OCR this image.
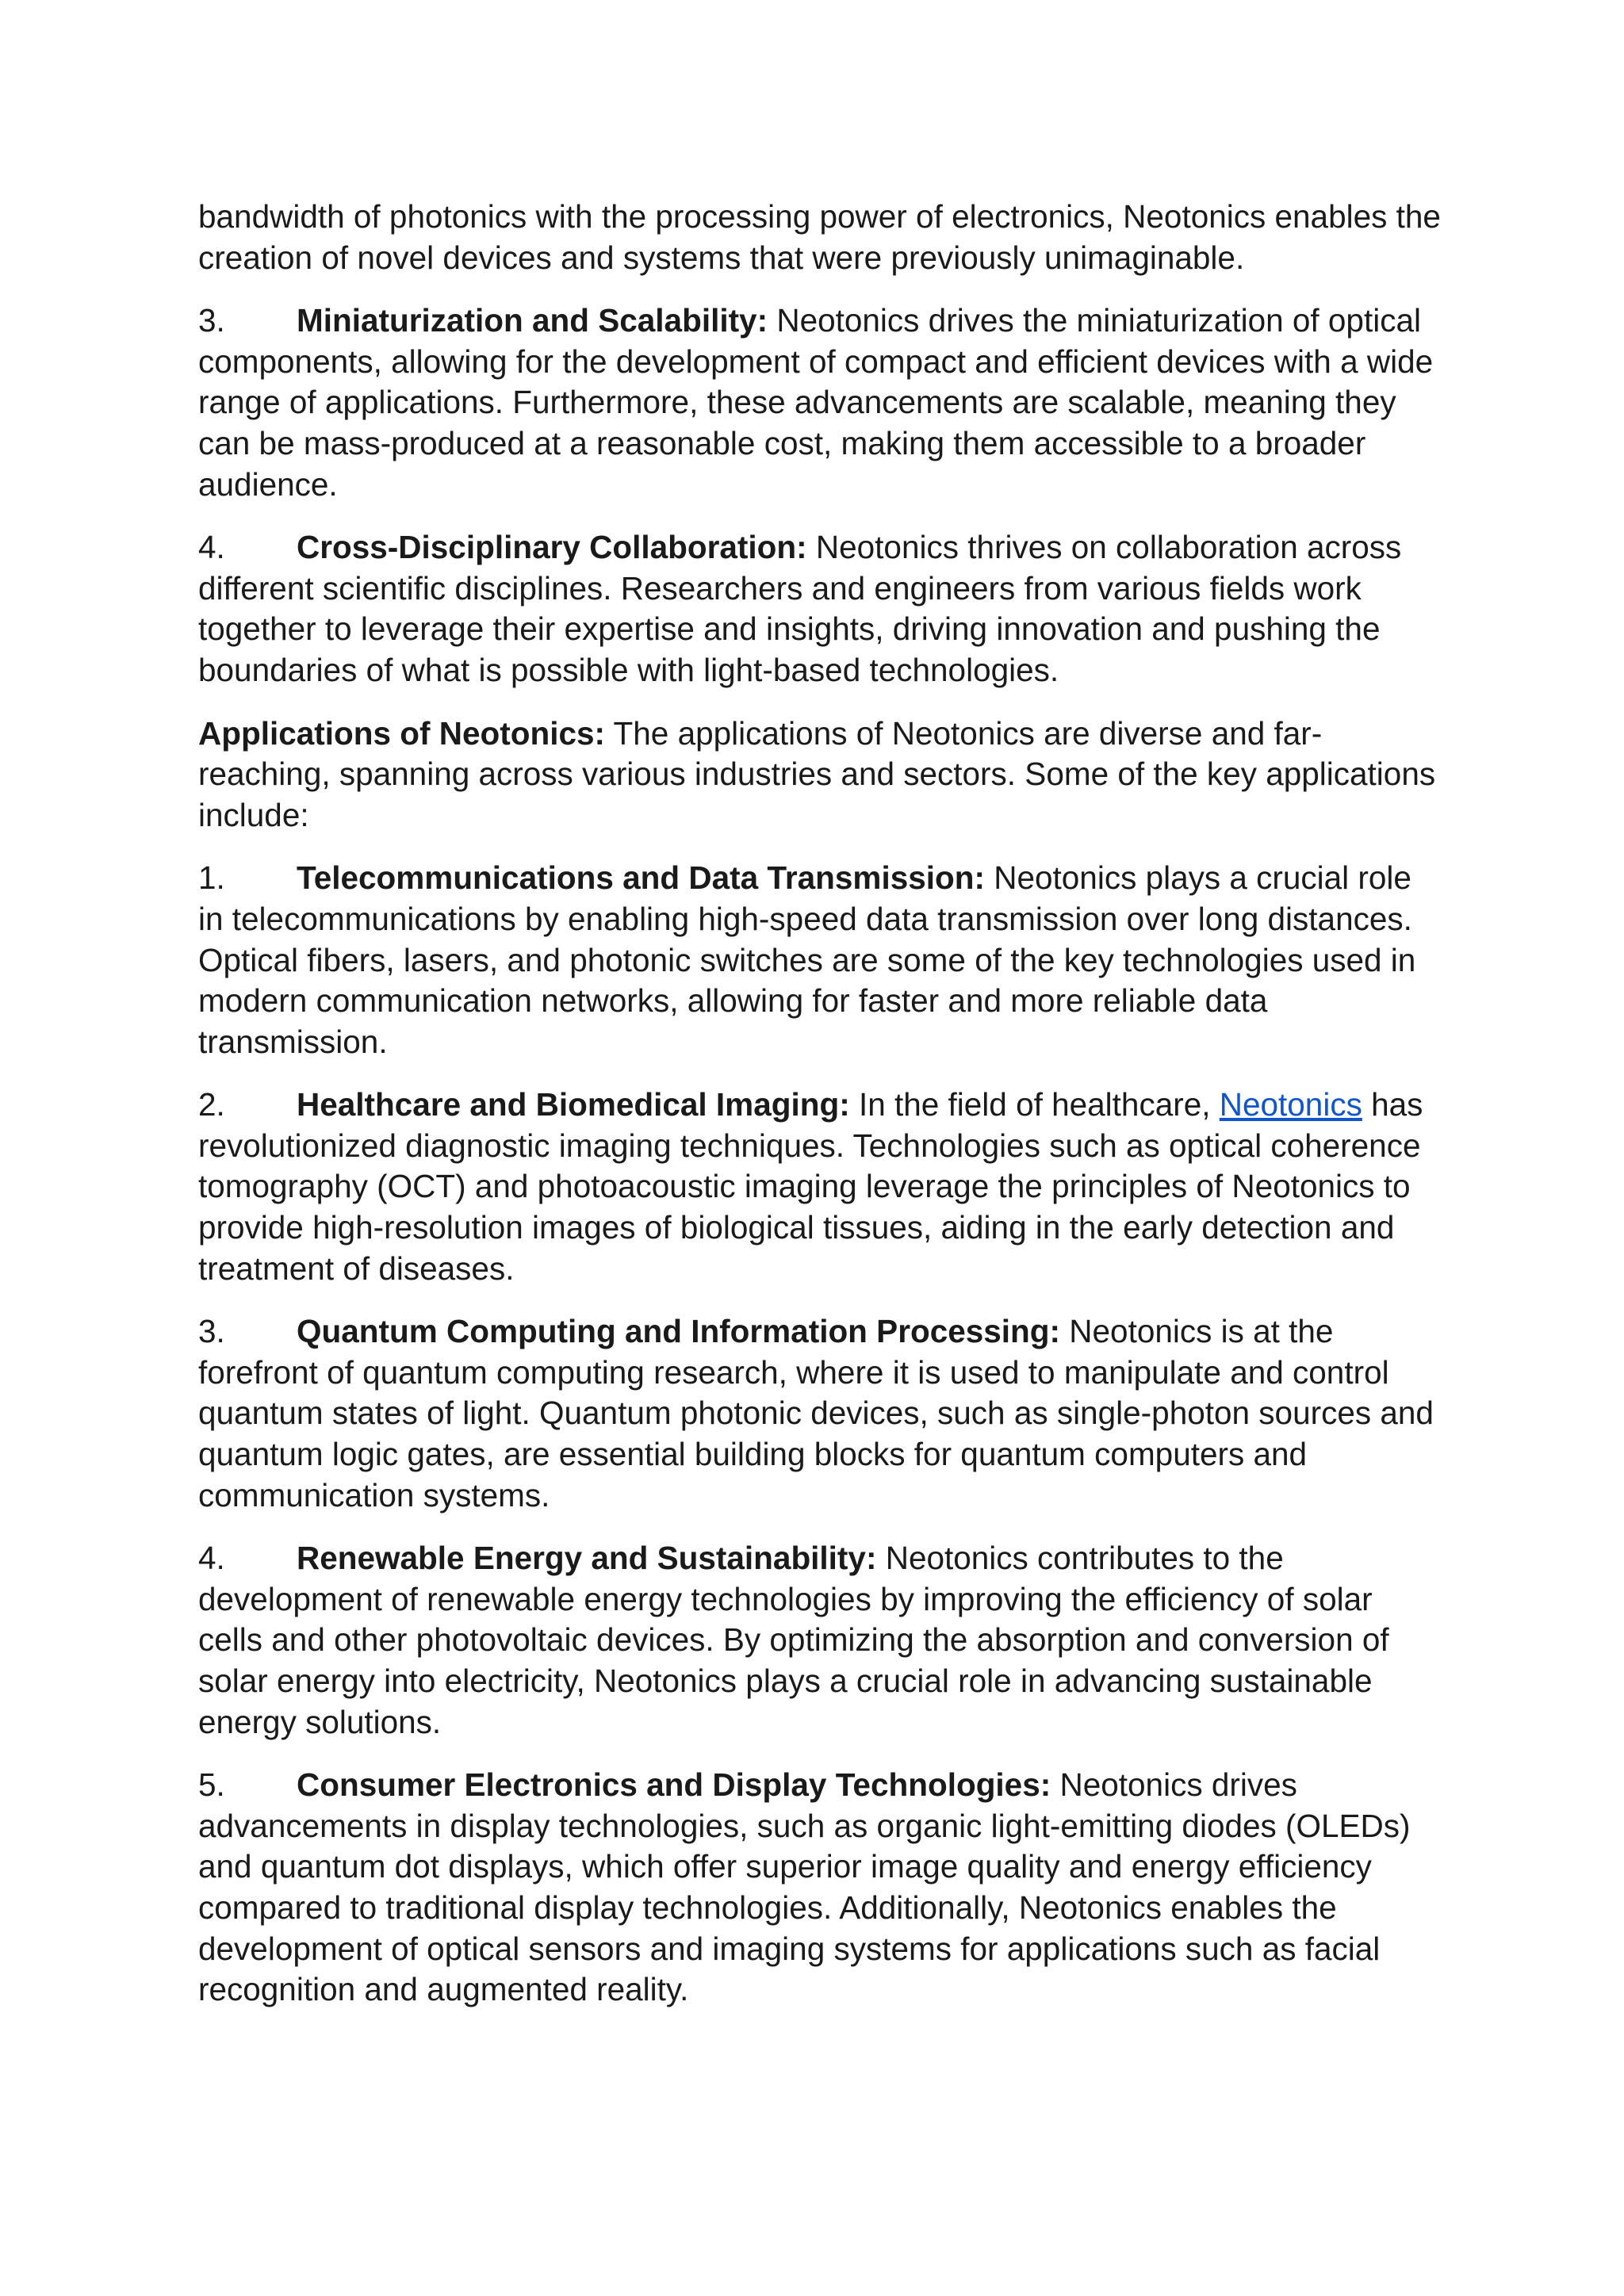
bandwidth of photonics with the processing power of electronics, Neotonics enables the creation of novel devices and systems that were previously unimaginable.

3. Miniaturization and Scalability: Neotonics drives the miniaturization of optical components, allowing for the development of compact and efficient devices with a wide range of applications. Furthermore, these advancements are scalable, meaning they can be mass-produced at a reasonable cost, making them accessible to a broader audience.

4. Cross-Disciplinary Collaboration: Neotonics thrives on collaboration across different scientific disciplines. Researchers and engineers from various fields work together to leverage their expertise and insights, driving innovation and pushing the boundaries of what is possible with light-based technologies.

Applications of Neotonics: The applications of Neotonics are diverse and far-reaching, spanning across various industries and sectors. Some of the key applications include:

1. Telecommunications and Data Transmission: Neotonics plays a crucial role in telecommunications by enabling high-speed data transmission over long distances. Optical fibers, lasers, and photonic switches are some of the key technologies used in modern communication networks, allowing for faster and more reliable data transmission.

2. Healthcare and Biomedical Imaging: In the field of healthcare, Neotonics has revolutionized diagnostic imaging techniques. Technologies such as optical coherence tomography (OCT) and photoacoustic imaging leverage the principles of Neotonics to provide high-resolution images of biological tissues, aiding in the early detection and treatment of diseases.

3. Quantum Computing and Information Processing: Neotonics is at the forefront of quantum computing research, where it is used to manipulate and control quantum states of light. Quantum photonic devices, such as single-photon sources and quantum logic gates, are essential building blocks for quantum computers and communication systems.

4. Renewable Energy and Sustainability: Neotonics contributes to the development of renewable energy technologies by improving the efficiency of solar cells and other photovoltaic devices. By optimizing the absorption and conversion of solar energy into electricity, Neotonics plays a crucial role in advancing sustainable energy solutions.

5. Consumer Electronics and Display Technologies: Neotonics drives advancements in display technologies, such as organic light-emitting diodes (OLEDs) and quantum dot displays, which offer superior image quality and energy efficiency compared to traditional display technologies. Additionally, Neotonics enables the development of optical sensors and imaging systems for applications such as facial recognition and augmented reality.
